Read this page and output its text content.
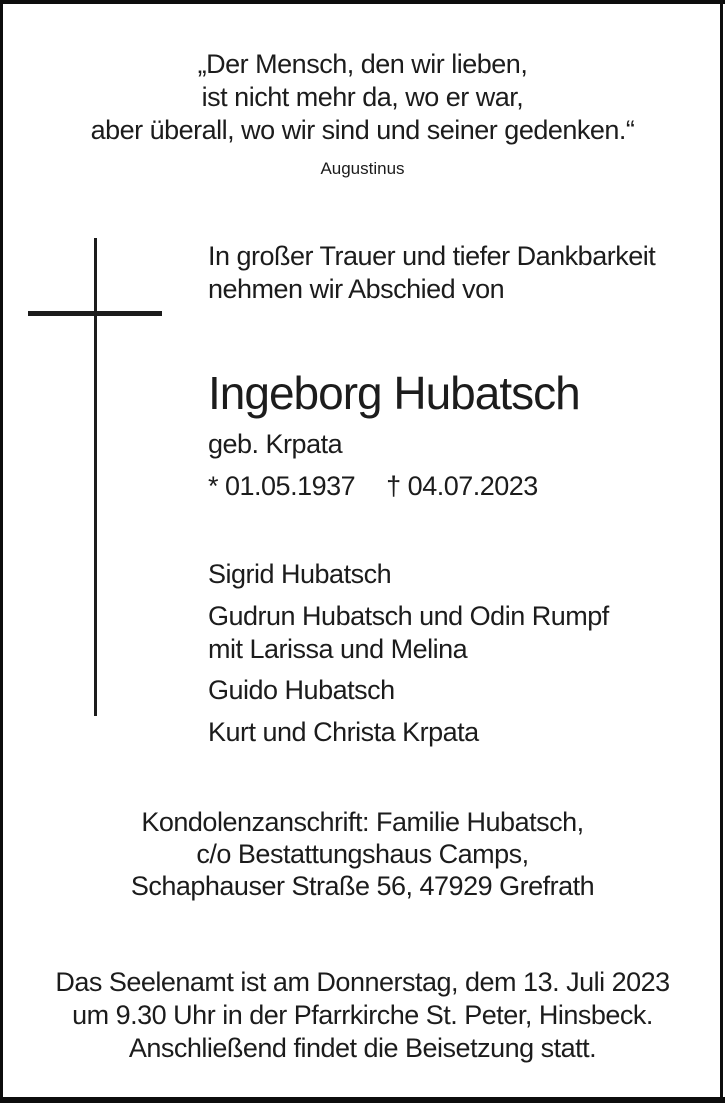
„Der Mensch, den wir lieben,
ist nicht mehr da, wo er war,
aber überall, wo wir sind und seiner gedenken.“
Augustinus
In großer Trauer und tiefer Dankbarkeit
nehmen wir Abschied von
Ingeborg Hubatsch
geb. Krpata
* 01.05.1937 † 04.07.2023
Sigrid Hubatsch
Gudrun Hubatsch und Odin Rumpf
mit Larissa und Melina
Guido Hubatsch
Kurt und Christa Krpata
Kondolenzanschrift: Familie Hubatsch,
c/o Bestattungshaus Camps,
Schaphauser Straße 56, 47929 Grefrath
Das Seelenamt ist am Donnerstag, dem 13. Juli 2023
um 9.30 Uhr in der Pfarrkirche St. Peter, Hinsbeck.
Anschließend findet die Beisetzung statt.
